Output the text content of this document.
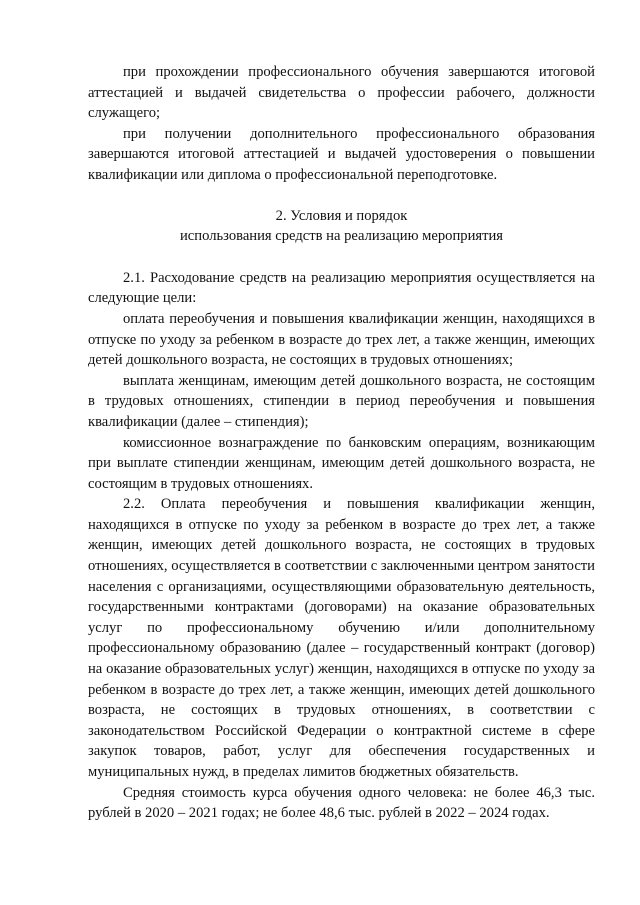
при прохождении профессионального обучения завершаются итоговой аттестацией и выдачей свидетельства о профессии рабочего, должности служащего;

при получении дополнительного профессионального образования завершаются итоговой аттестацией и выдачей удостоверения о повышении квалификации или диплома о профессиональной переподготовке.

2. Условия и порядок
использования средств на реализацию мероприятия

2.1. Расходование средств на реализацию мероприятия осуществляется на следующие цели:

оплата переобучения и повышения квалификации женщин, находящихся в отпуске по уходу за ребенком в возрасте до трех лет, а также женщин, имеющих детей дошкольного возраста, не состоящих в трудовых отношениях;

выплата женщинам, имеющим детей дошкольного возраста, не состоящим в трудовых отношениях, стипендии в период переобучения и повышения квалификации (далее – стипендия);

комиссионное вознаграждение по банковским операциям, возникающим при выплате стипендии женщинам, имеющим детей дошкольного возраста, не состоящим в трудовых отношениях.

2.2. Оплата переобучения и повышения квалификации женщин, находящихся в отпуске по уходу за ребенком в возрасте до трех лет, а также женщин, имеющих детей дошкольного возраста, не состоящих в трудовых отношениях, осуществляется в соответствии с заключенными центром занятости населения с организациями, осуществляющими образовательную деятельность, государственными контрактами (договорами) на оказание образовательных услуг по профессиональному обучению и/или дополнительному профессиональному образованию (далее – государственный контракт (договор) на оказание образовательных услуг) женщин, находящихся в отпуске по уходу за ребенком в возрасте до трех лет, а также женщин, имеющих детей дошкольного возраста, не состоящих в трудовых отношениях, в соответствии с законодательством Российской Федерации о контрактной системе в сфере закупок товаров, работ, услуг для обеспечения государственных и муниципальных нужд, в пределах лимитов бюджетных обязательств.

Средняя стоимость курса обучения одного человека: не более 46,3 тыс. рублей в 2020 – 2021 годах; не более 48,6 тыс. рублей в 2022 – 2024 годах.
